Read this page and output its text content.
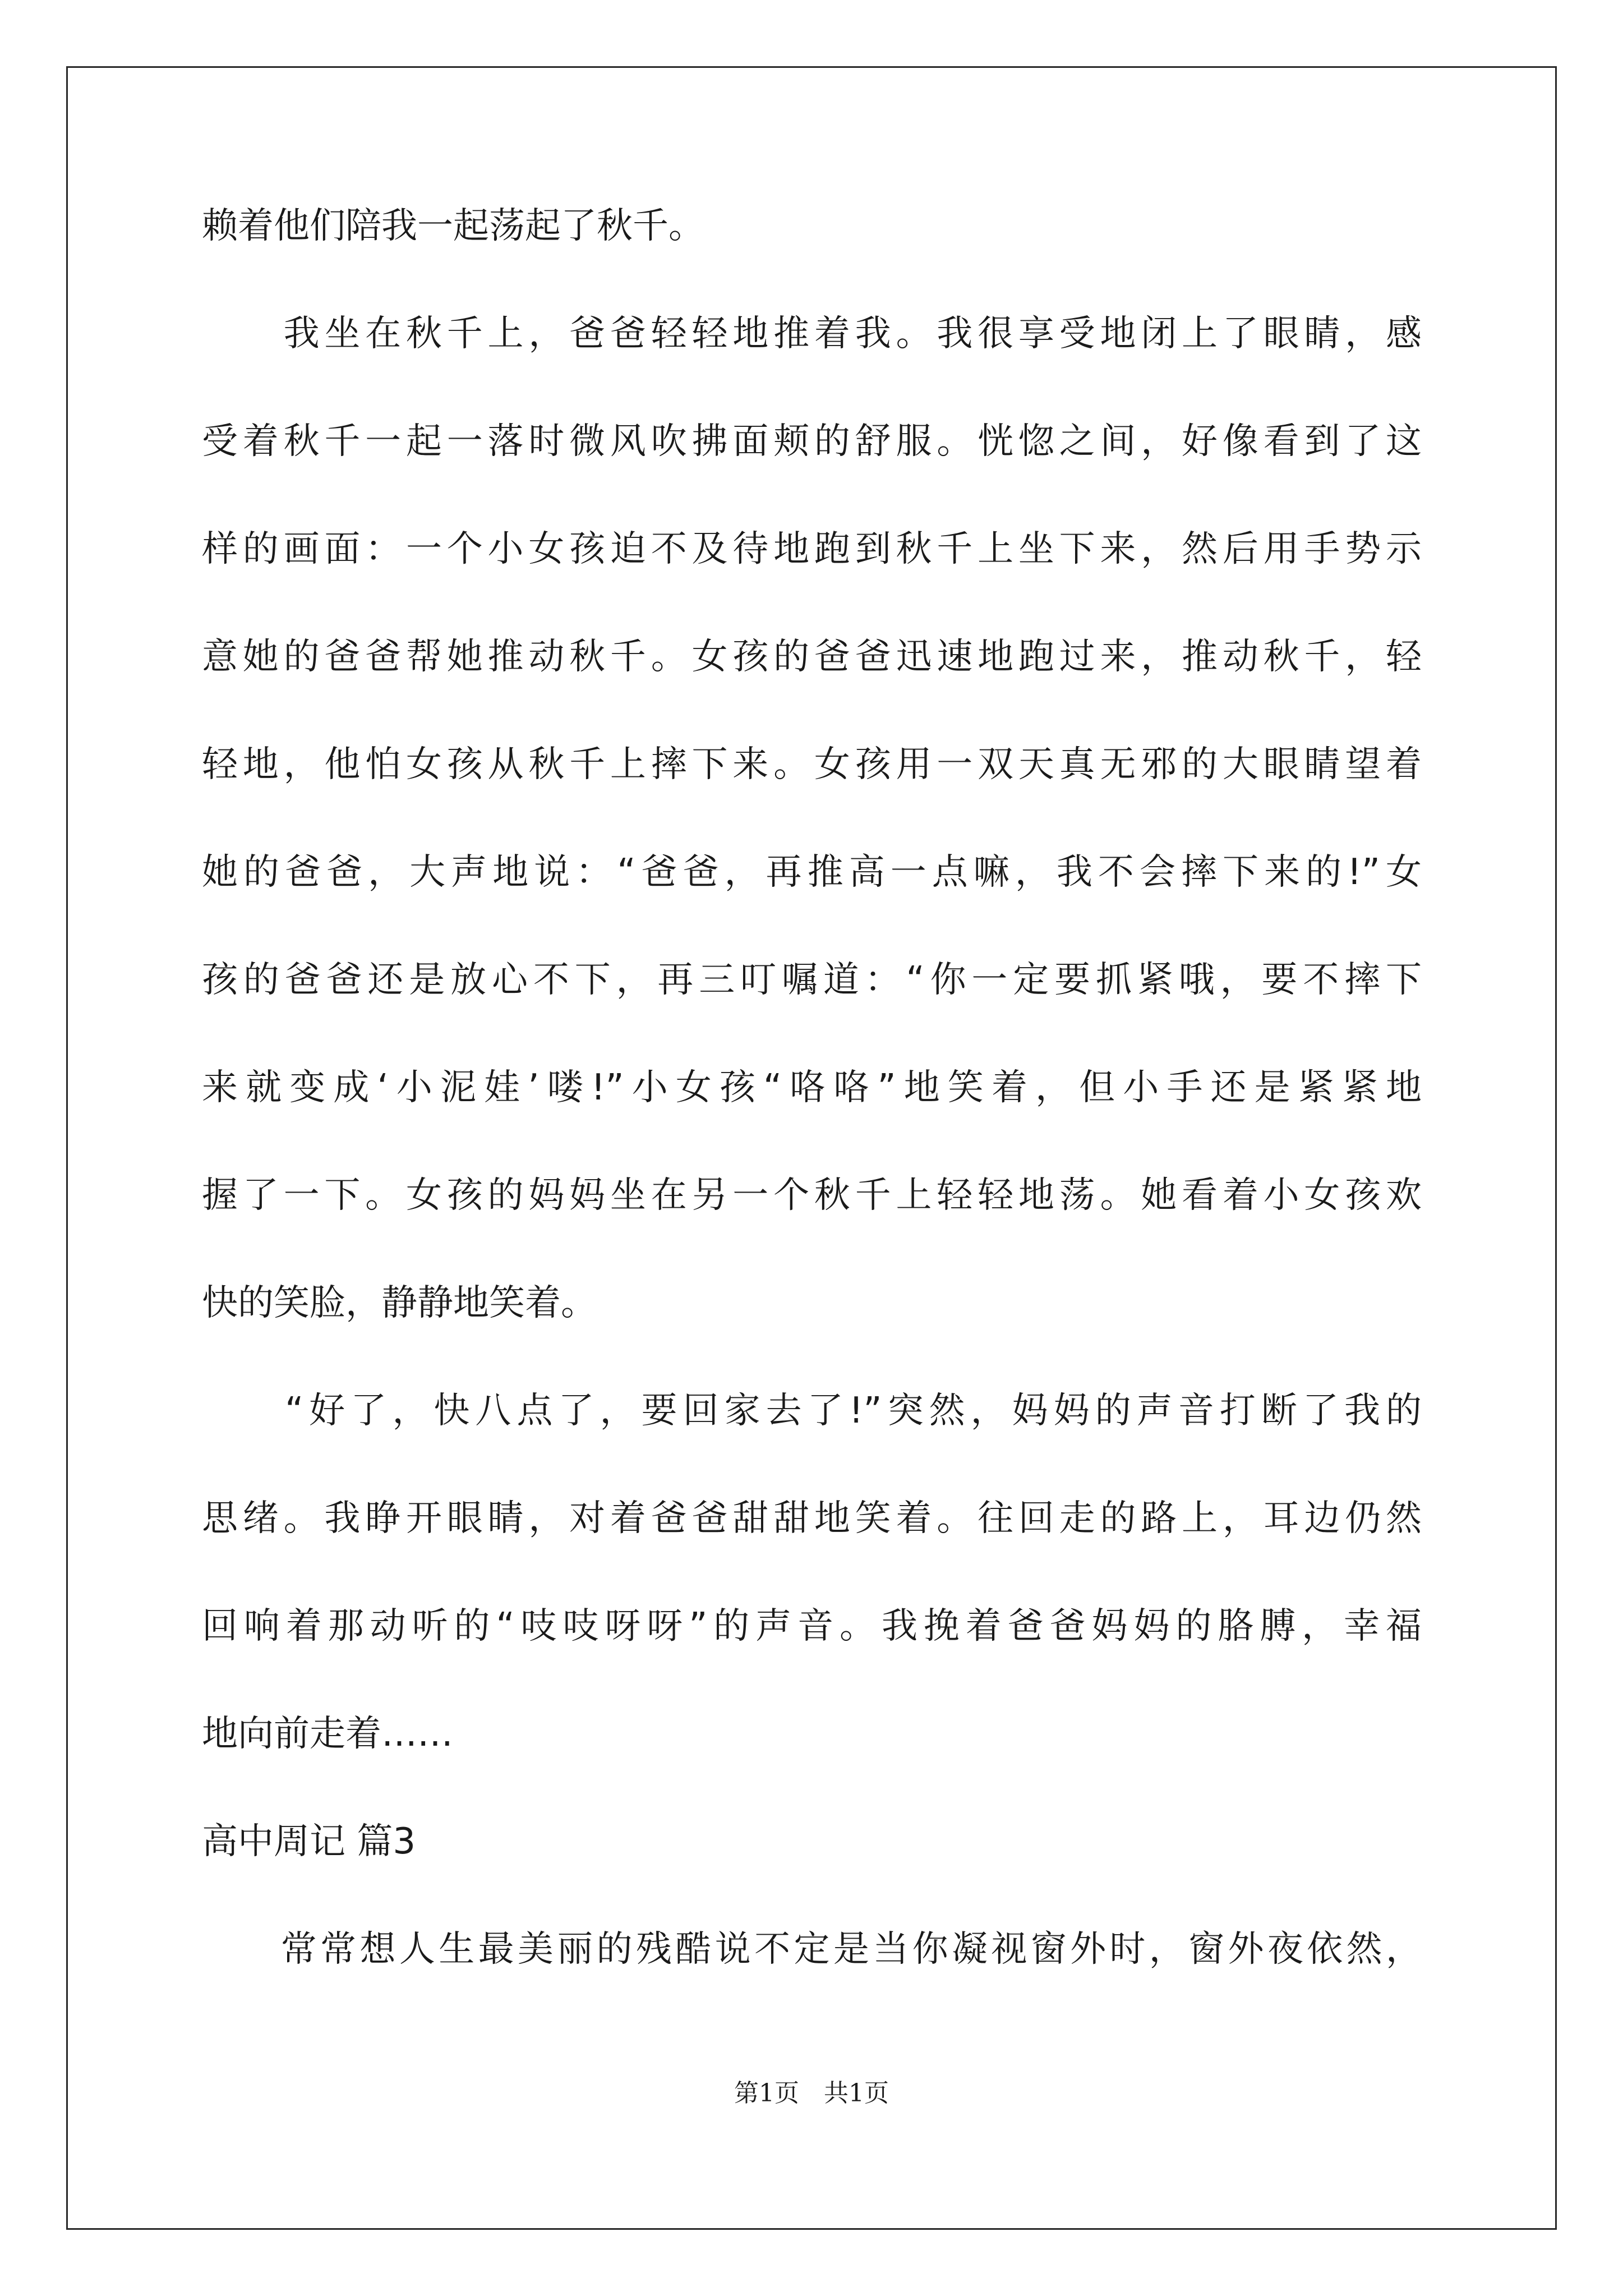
赖着他们陪我一起荡起了秋千。

　　我坐在秋千上，爸爸轻轻地推着我。我很享受地闭上了眼睛，感

受着秋千一起一落时微风吹拂面颊的舒服。恍惚之间，好像看到了这

样的画面：一个小女孩迫不及待地跑到秋千上坐下来，然后用手势示

意她的爸爸帮她推动秋千。女孩的爸爸迅速地跑过来，推动秋千，轻

轻地，他怕女孩从秋千上摔下来。女孩用一双天真无邪的大眼睛望着

她的爸爸，大声地说：“爸爸，再推高一点嘛，我不会摔下来的!”女

孩的爸爸还是放心不下，再三叮嘱道：“你一定要抓紧哦，要不摔下

来就变成‘小泥娃’喽!”小女孩“咯咯”地笑着，但小手还是紧紧地

握了一下。女孩的妈妈坐在另一个秋千上轻轻地荡。她看着小女孩欢

快的笑脸，静静地笑着。

　　“好了，快八点了，要回家去了!”突然，妈妈的声音打断了我的

思绪。我睁开眼睛，对着爸爸甜甜地笑着。往回走的路上，耳边仍然

回响着那动听的“吱吱呀呀”的声音。我挽着爸爸妈妈的胳膊，幸福

地向前走着……

高中周记 篇3

　　常常想人生最美丽的残酷说不定是当你凝视窗外时，窗外夜依然，

第1页　共1页
